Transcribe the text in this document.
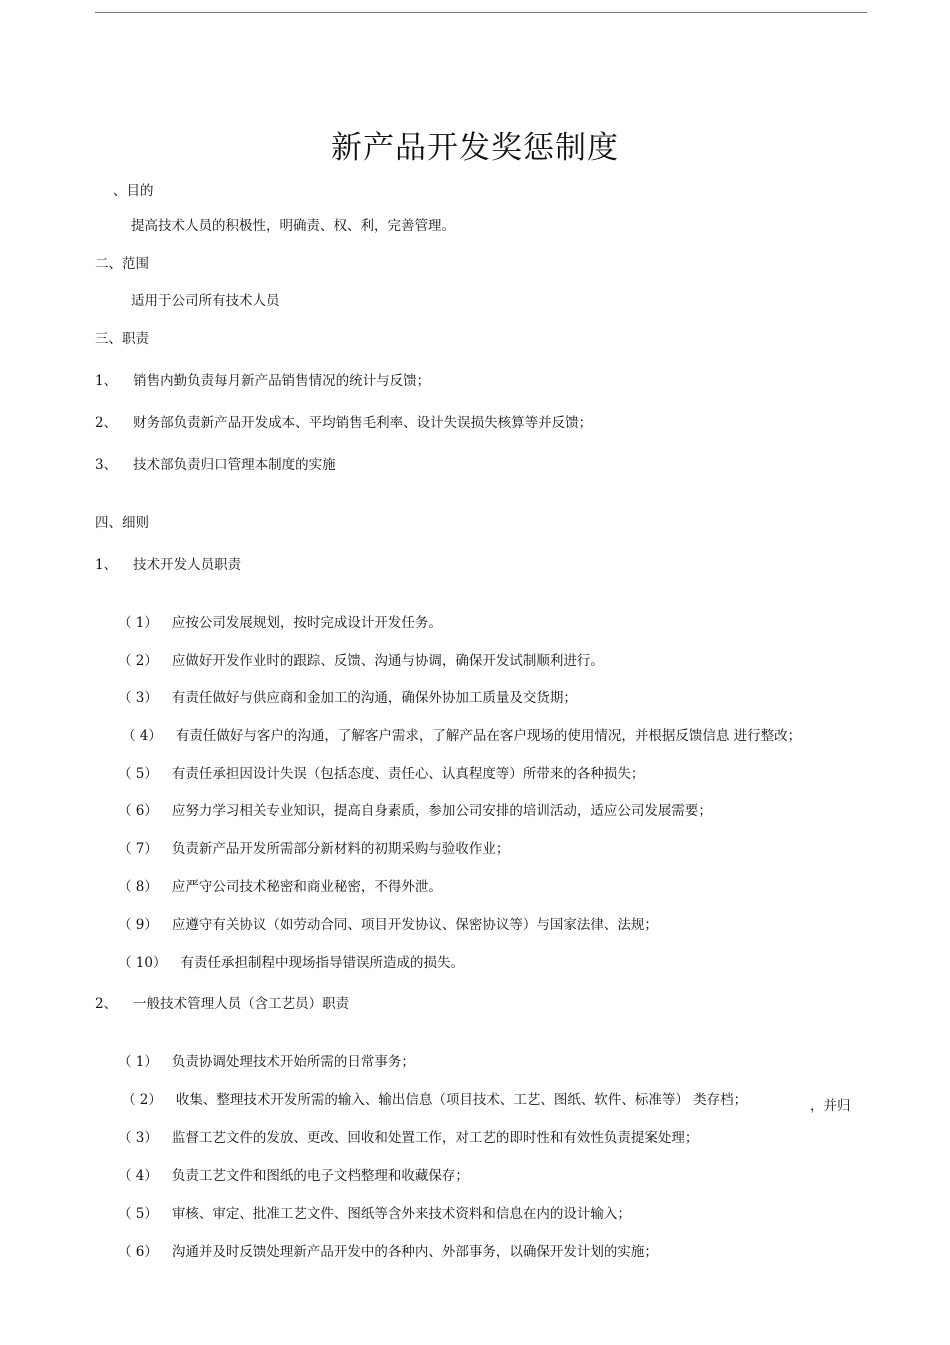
新产品开发奖惩制度
、目的
提高技术人员的积极性，明确责、权、利，完善管理。
二、范围
适用于公司所有技术人员
三、职责
1、 销售内勤负责每月新产品销售情况的统计与反馈；
2、 财务部负责新产品开发成本、平均销售毛利率、设计失误损失核算等并反馈；
3、 技术部负责归口管理本制度的实施
四、细则
1、 技术开发人员职责
（ 1） 应按公司发展规划，按时完成设计开发任务。
（ 2） 应做好开发作业时的跟踪、反馈、沟通与协调，确保开发试制顺利进行。
（ 3） 有责任做好与供应商和金加工的沟通，确保外协加工质量及交货期；
（ 4） 有责任做好与客户的沟通，了解客户需求，了解产品在客户现场的使用情况，并根据反馈信息 进行整改；
（ 5） 有责任承担因设计失误（包括态度、责任心、认真程度等）所带来的各种损失；
（ 6） 应努力学习相关专业知识，提高自身素质，参加公司安排的培训活动，适应公司发展需要；
（ 7） 负责新产品开发所需部分新材料的初期采购与验收作业；
（ 8） 应严守公司技术秘密和商业秘密，不得外泄。
（ 9） 应遵守有关协议（如劳动合同、项目开发协议、保密协议等）与国家法律、法规；
（ 10） 有责任承担制程中现场指导错误所造成的损失。
2、 一般技术管理人员（含工艺员）职责
（ 1） 负责协调处理技术开始所需的日常事务；
（ 2） 收集、整理技术开发所需的输入、输出信息（项目技术、工艺、图纸、软件、标准等） 类存档；	，并归
（ 3） 监督工艺文件的发放、更改、回收和处置工作，对工艺的即时性和有效性负责提案处理；
（ 4） 负责工艺文件和图纸的电子文档整理和收藏保存；
（ 5） 审核、审定、批准工艺文件、图纸等含外来技术资料和信息在内的设计输入；
（ 6） 沟通并及时反馈处理新产品开发中的各种内、外部事务，以确保开发计划的实施；
